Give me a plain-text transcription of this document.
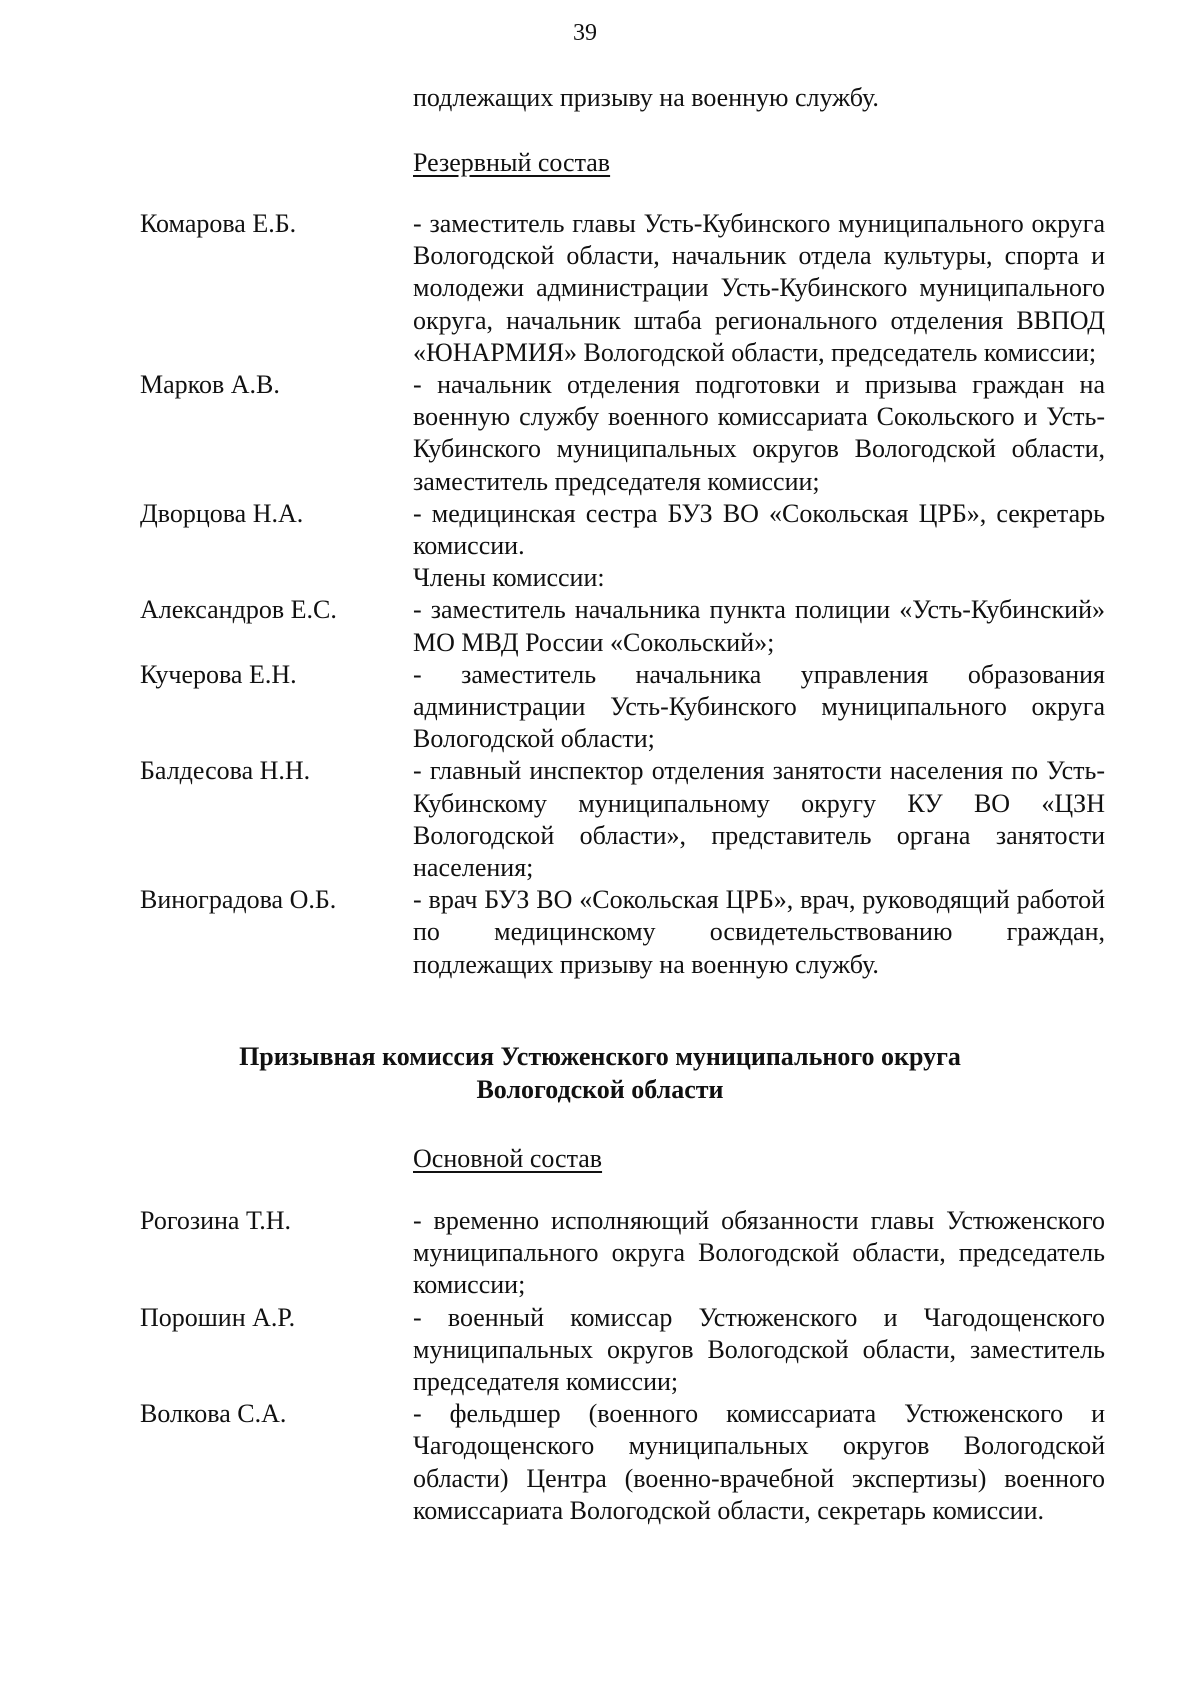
39
подлежащих призыву на военную службу.
Резервный состав
Комарова Е.Б.	- заместитель главы Усть-Кубинского муниципального округа Вологодской области, начальник отдела культуры, спорта и молодежи администрации Усть-Кубинского муниципального округа, начальник штаба регионального отделения ВВПОД «ЮНАРМИЯ» Вологодской области, председатель комиссии;
Марков А.В.	- начальник отделения подготовки и призыва граждан на военную службу военного комиссариата Сокольского и Усть-Кубинского муниципальных округов Вологодской области, заместитель председателя комиссии;
Дворцова Н.А.	- медицинская сестра БУЗ ВО «Сокольская ЦРБ», секретарь комиссии.
Члены комиссии:
Александров Е.С.	- заместитель начальника пункта полиции «Усть-Кубинский» МО МВД России «Сокольский»;
Кучерова Е.Н.	- заместитель начальника управления образования администрации Усть-Кубинского муниципального округа Вологодской области;
Балдесова Н.Н.	- главный инспектор отделения занятости населения по Усть-Кубинскому муниципальному округу КУ ВО «ЦЗН Вологодской области», представитель органа занятости населения;
Виноградова О.Б.	- врач БУЗ ВО «Сокольская ЦРБ», врач, руководящий работой по медицинскому освидетельствованию граждан, подлежащих призыву на военную службу.
Призывная комиссия Устюженского муниципального округа
Вологодской области
Основной состав
Рогозина Т.Н.	- временно исполняющий обязанности главы Устюженского муниципального округа Вологодской области, председатель комиссии;
Порошин А.Р.	- военный комиссар Устюженского и Чагодощенского муниципальных округов Вологодской области, заместитель председателя комиссии;
Волкова С.А.	- фельдшер (военного комиссариата Устюженского и Чагодощенского муниципальных округов Вологодской области) Центра (военно-врачебной экспертизы) военного комиссариата Вологодской области, секретарь комиссии.
